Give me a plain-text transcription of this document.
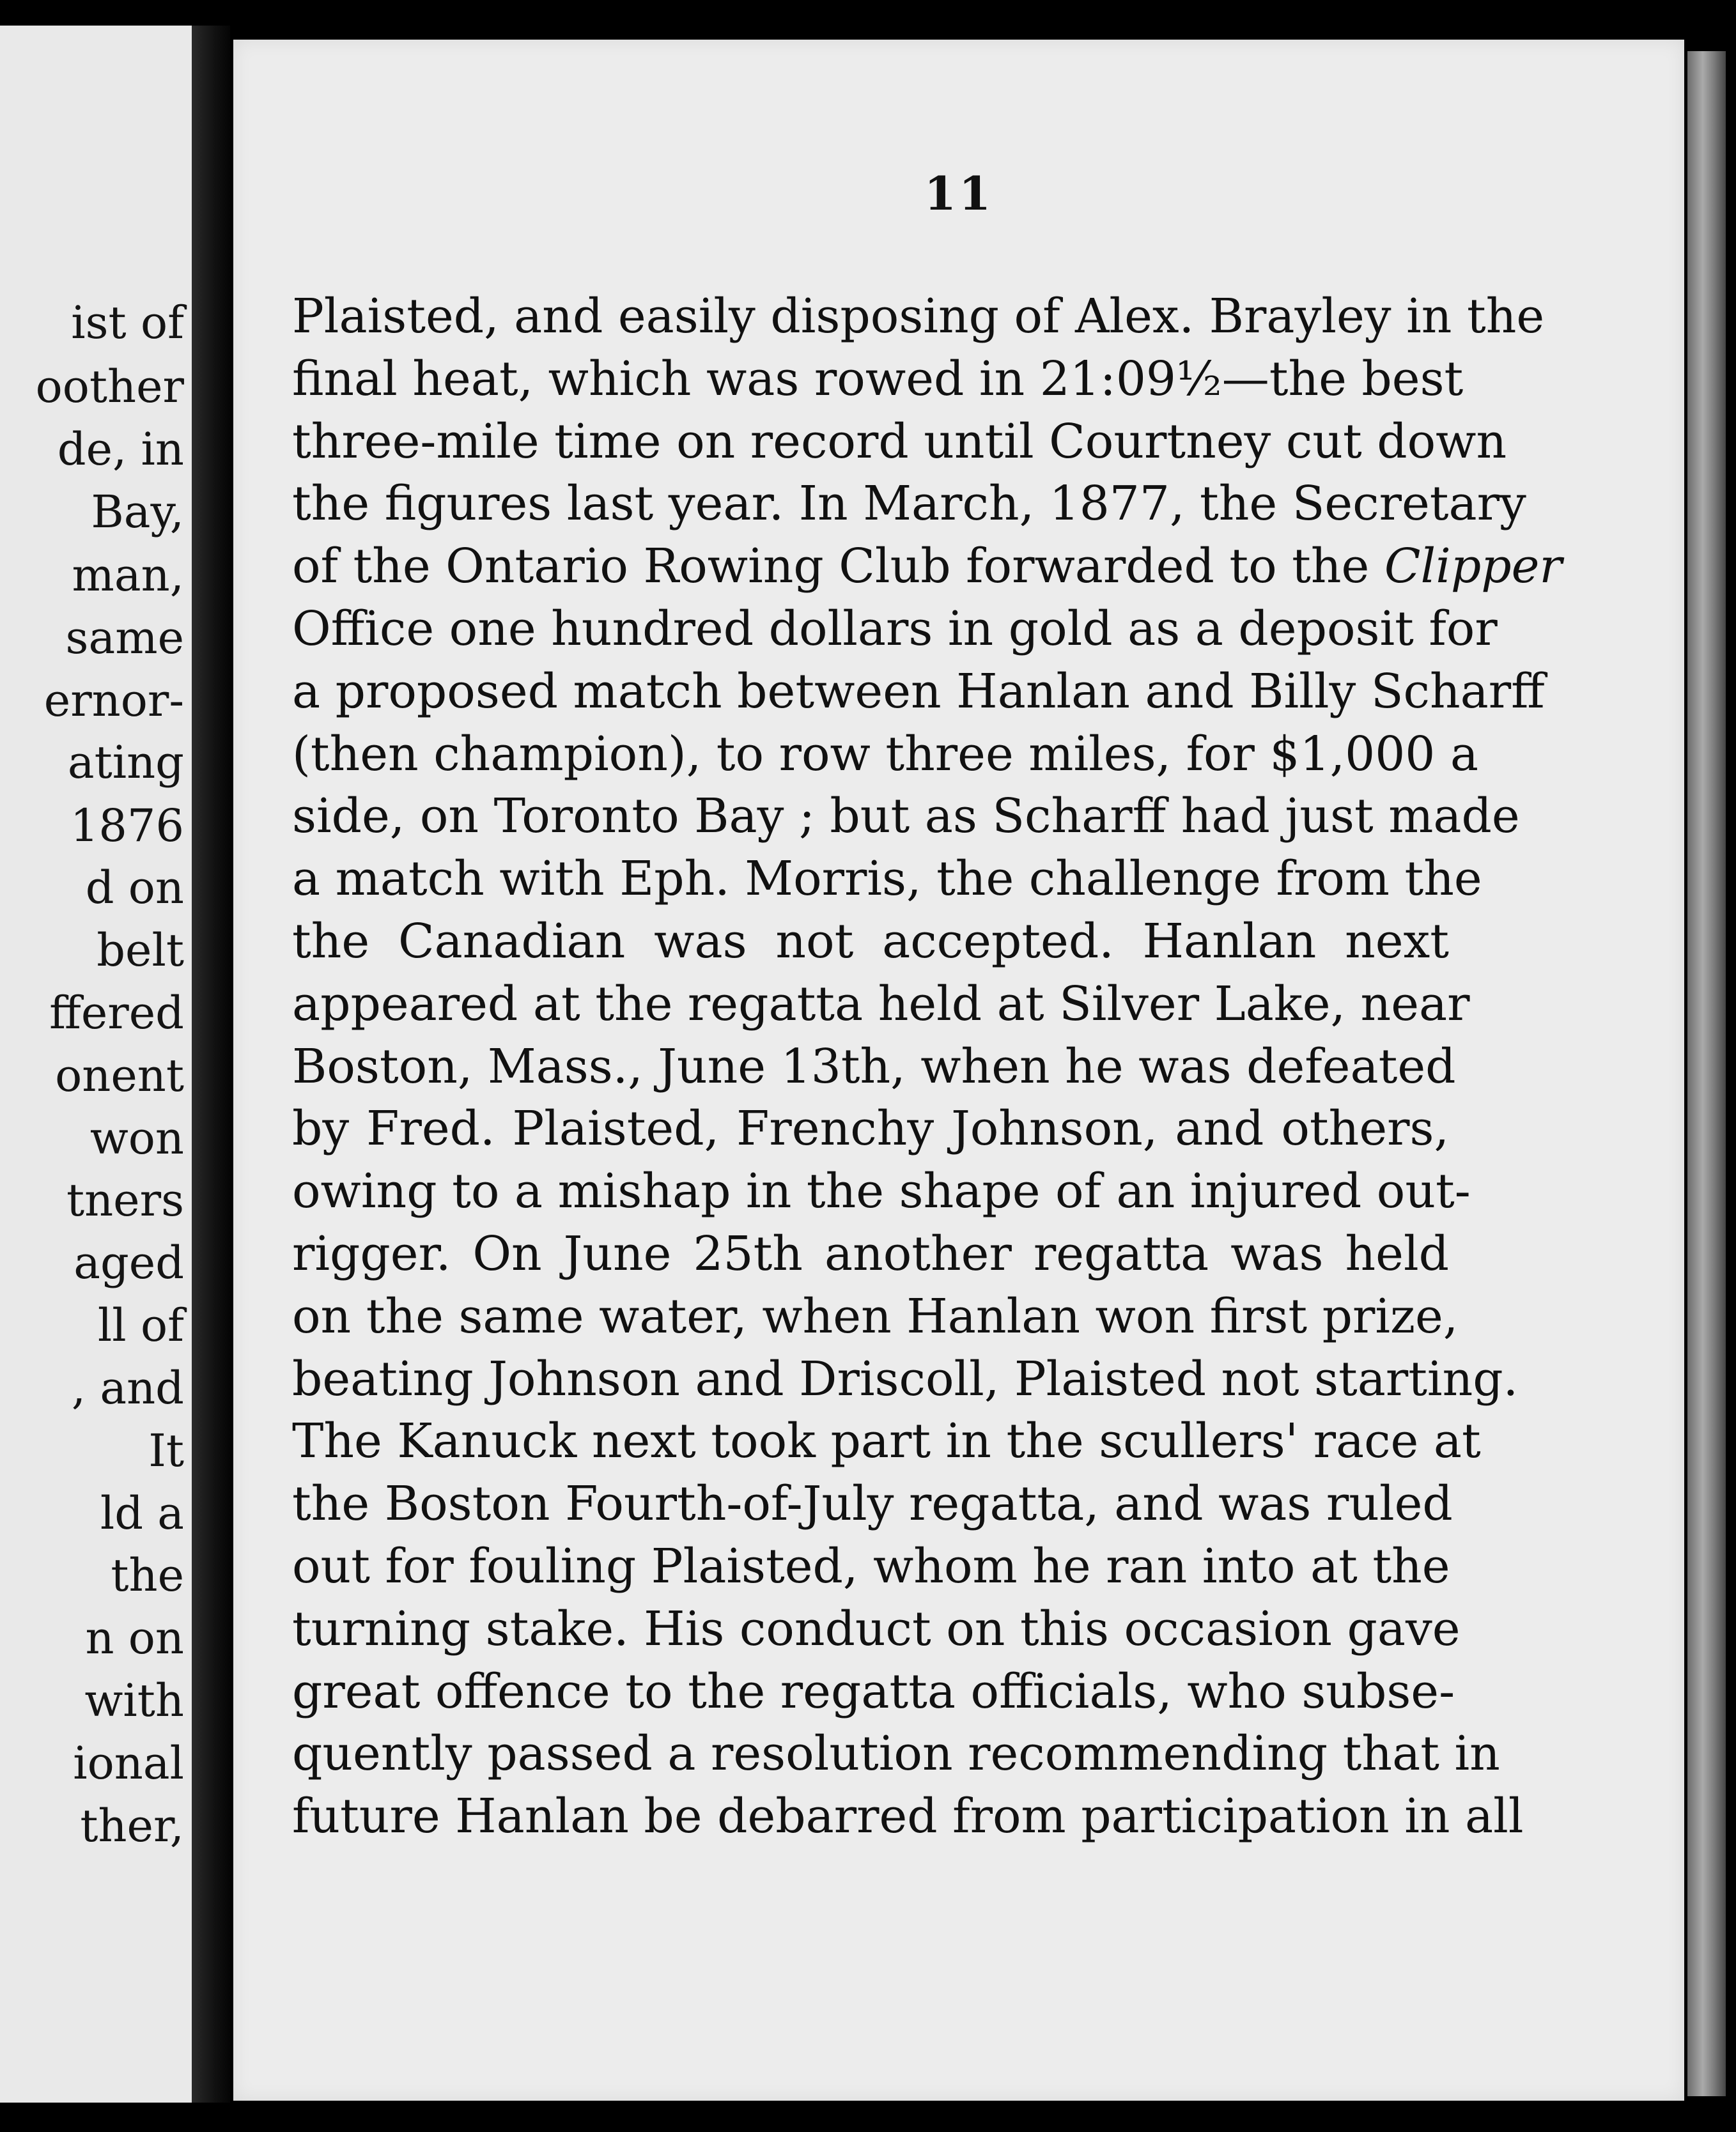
ist of
oother
de, in
Bay,
man,
same
ernor-
ating
1876
d on
belt
ffered
onent
won
tners
aged
ll of
, and
It
ld a
the
n on
with
ional
ther,
11
Plaisted, and easily disposing of Alex. Brayley in the
final heat, which was rowed in 21:09½—the best
three-mile time on record until Courtney cut down
the figures last year. In March, 1877, the Secretary
of the Ontario Rowing Club forwarded to the Clipper
Office one hundred dollars in gold as a deposit for
a proposed match between Hanlan and Billy Scharff
(then champion), to row three miles, for $1,000 a
side, on Toronto Bay ; but as Scharff had just made
a match with Eph. Morris, the challenge from the
the Canadian was not accepted. Hanlan next
appeared at the regatta held at Silver Lake, near
Boston, Mass., June 13th, when he was defeated
by Fred. Plaisted, Frenchy Johnson, and others,
owing to a mishap in the shape of an injured out-
rigger. On June 25th another regatta was held
on the same water, when Hanlan won first prize,
beating Johnson and Driscoll, Plaisted not starting.
The Kanuck next took part in the scullers' race at
the Boston Fourth-of-July regatta, and was ruled
out for fouling Plaisted, whom he ran into at the
turning stake. His conduct on this occasion gave
great offence to the regatta officials, who subse-
quently passed a resolution recommending that in
future Hanlan be debarred from participation in all
